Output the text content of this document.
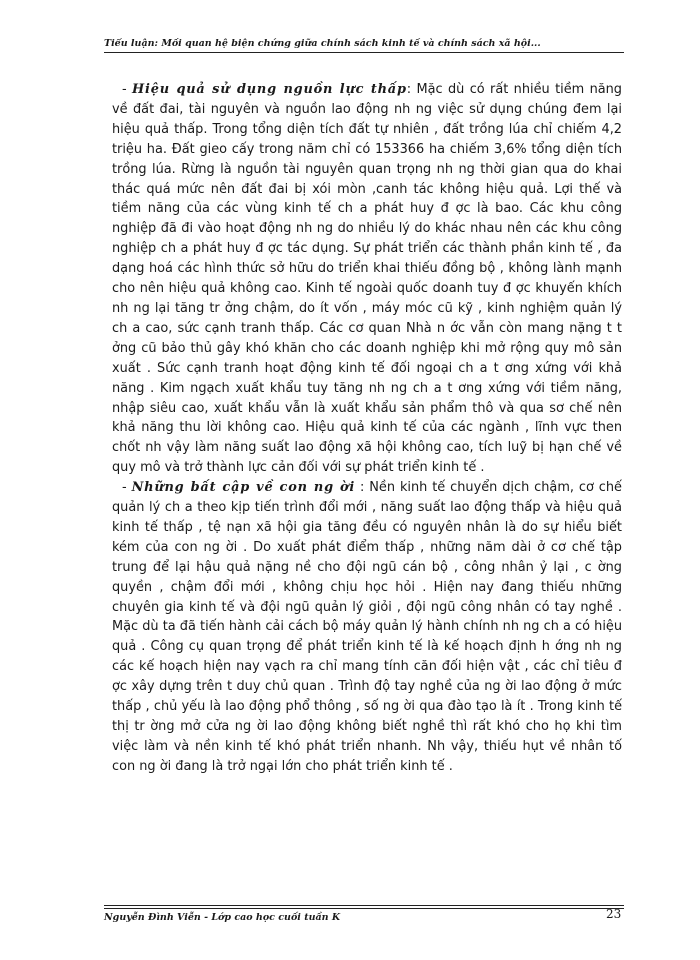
Tiểu luận: Mối quan hệ biện chứng giữa chính sách kinh tế và chính sách xã hội...

- Hiệu quả sử dụng nguồn lực thấp: Mặc dù có rất nhiều tiềm năng về đất đai, tài nguyên và nguồn lao động nh ng việc sử dụng chúng đem lại hiệu quả thấp. Trong tổng diện tích đất tự nhiên , đất trồng lúa chỉ chiếm 4,2 triệu ha. Đất gieo cấy trong năm chỉ có 153366 ha chiếm 3,6% tổng diện tích trồng lúa. Rừng là nguồn tài nguyên quan trọng nh ng thời gian qua do khai thác quá mức nên đất đai bị xói mòn ,canh tác không hiệu quả. Lợi thế và tiềm năng của các vùng kinh tế ch a phát huy đ ợc là bao. Các khu công nghiệp đã đi vào hoạt động nh ng do nhiều lý do khác nhau nên các khu công nghiệp ch a phát huy đ ợc tác dụng. Sự phát triển các thành phần kinh tế , đa dạng hoá các hình thức sở hữu do triển khai thiếu đồng bộ , không lành mạnh cho nên hiệu quả không cao. Kinh tế ngoài quốc doanh tuy đ ợc khuyến khích nh ng lại tăng tr ởng chậm, do ít vốn , máy móc cũ kỹ , kinh nghiệm quản lý ch a cao, sức cạnh tranh thấp. Các cơ quan Nhà n ớc vẫn còn mang nặng t t ởng cũ bảo thủ gây khó khăn cho các doanh nghiệp khi mở rộng quy mô sản xuất . Sức cạnh tranh hoạt động kinh tế đối ngoại ch a t ơng xứng với khả năng . Kim ngạch xuất khẩu tuy tăng nh ng ch a t ơng xứng với tiềm năng, nhập siêu cao, xuất khẩu vẫn là xuất khẩu sản phẩm thô và qua sơ chế nên khả năng thu lời không cao. Hiệu quả kinh tế của các ngành , lĩnh vực then chốt nh vậy làm năng suất lao động xã hội không cao, tích luỹ bị hạn chế về quy mô và trở thành lực cản đối với sự phát triển kinh tế .

- Những bất cập về con ng ời : Nền kinh tế chuyển dịch chậm, cơ chế quản lý ch a theo kịp tiến trình đổi mới , năng suất lao động thấp và hiệu quả kinh tế thấp , tệ nạn xã hội gia tăng đều có nguyên nhân là do sự hiểu biết kém của con ng ời . Do xuất phát điểm thấp , những năm dài ở cơ chế tập trung để lại hậu quả nặng nề cho đội ngũ cán bộ , công nhân ỷ lại , c ờng quyền , chậm đổi mới , không chịu học hỏi . Hiện nay đang thiếu những chuyên gia kinh tế và đội ngũ quản lý giỏi , đội ngũ công nhân có tay nghề . Mặc dù ta đã tiến hành cải cách bộ máy quản lý hành chính nh ng ch a có hiệu quả . Công cụ quan trọng để phát triển kinh tế là kế hoạch định h ớng nh ng các kế hoạch hiện nay vạch ra chỉ mang tính căn đối hiện vật , các chỉ tiêu đ ợc xây dựng trên t duy chủ quan . Trình độ tay nghề của ng ời lao động ở mức thấp , chủ yếu là lao động phổ thông , số ng ời qua đào tạo là ít . Trong kinh tế thị tr ờng mở cửa ng ời lao động không biết nghề thì rất khó cho họ khi tìm việc làm và nền kinh tế khó phát triển nhanh. Nh vậy, thiếu hụt về nhân tố con ng ời đang là trở ngại lớn cho phát triển kinh tế .

Nguyễn Đình Viễn - Lớp cao học cuối tuần K	23
